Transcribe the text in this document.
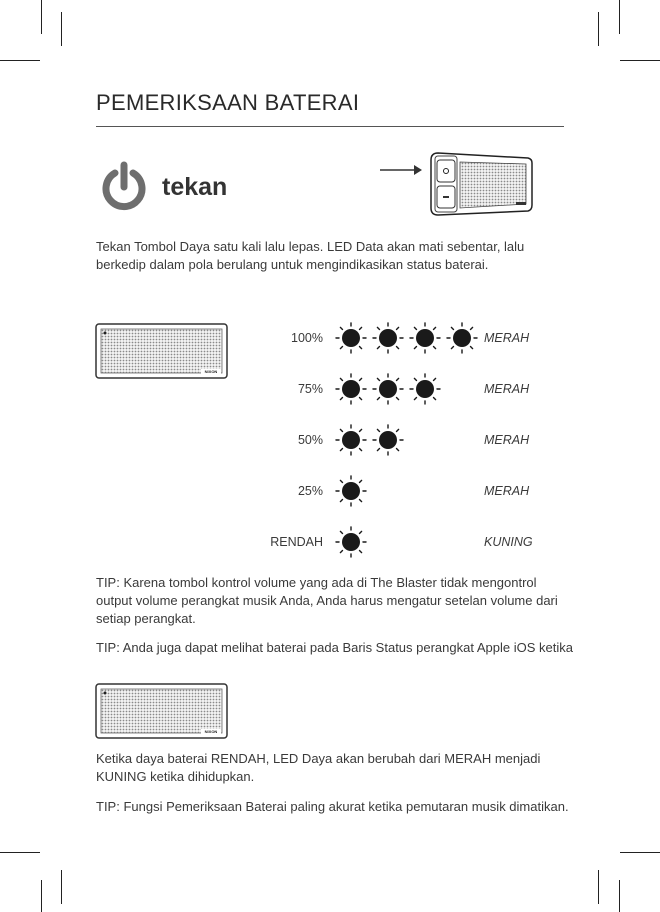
PEMERIKSAAN BATERAI
tekan
Tekan Tombol Daya satu kali lalu lepas. LED Data akan mati sebentar, lalu berkedip dalam pola berulang untuk mengindikasikan status baterai.
NIXON
100%	MERAH
75%	MERAH
50%	MERAH
25%	MERAH
RENDAH	KUNING
TIP: Karena tombol kontrol volume yang ada di The Blaster tidak mengontrol output volume perangkat musik Anda, Anda harus mengatur setelan volume dari setiap perangkat.
TIP: Anda juga dapat melihat baterai pada Baris Status perangkat Apple iOS ketika
NIXON
Ketika daya baterai RENDAH, LED Daya akan berubah dari MERAH menjadi KUNING ketika dihidupkan.
TIP: Fungsi Pemeriksaan Baterai paling akurat ketika pemutaran musik dimatikan.
